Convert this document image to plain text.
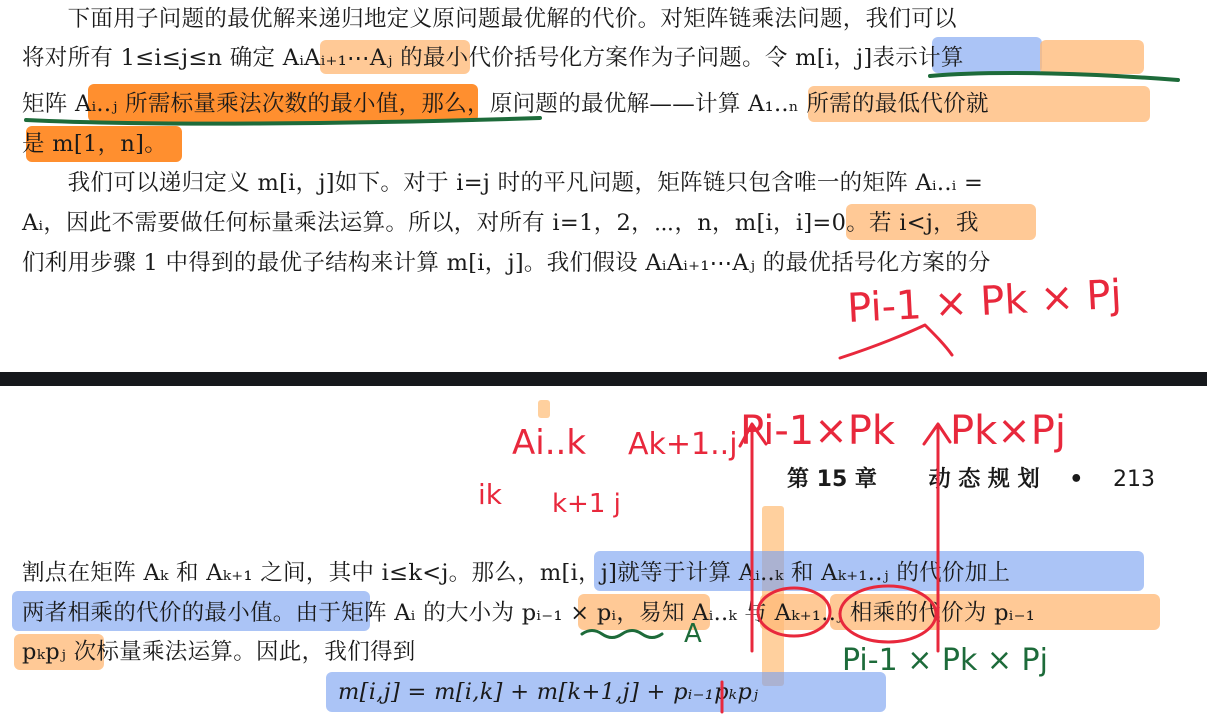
　　下面用子问题的最优解来递归地定义原问题最优解的代价。对矩阵链乘法问题，我们可以
将对所有 1≤i≤j≤n 确定 AᵢAᵢ₊₁⋯Aⱼ 的最小代价括号化方案作为子问题。令 m[i，j]表示计算
矩阵 Aᵢ..ⱼ 所需标量乘法次数的最小值，那么，原问题的最优解——计算 A₁..ₙ 所需的最低代价就
是 m[1，n]。
　　我们可以递归定义 m[i，j]如下。对于 i=j 时的平凡问题，矩阵链只包含唯一的矩阵 Aᵢ..ᵢ =
Aᵢ，因此不需要做任何标量乘法运算。所以，对所有 i=1，2，⋯，n，m[i，i]=0。若 i<j，我
们利用步骤 1 中得到的最优子结构来计算 m[i，j]。我们假设 AᵢAᵢ₊₁⋯Aⱼ 的最优括号化方案的分
Pi-1 × Pk × Pj
第 15 章 动 态 规 划 • 213
割点在矩阵 Aₖ 和 Aₖ₊₁ 之间，其中 i≤k<j。那么，m[i，j]就等于计算 Aᵢ..ₖ 和 Aₖ₊₁..ⱼ 的代价加上
两者相乘的代价的最小值。由于矩阵 Aᵢ 的大小为 pᵢ₋₁ × pᵢ，易知 Aᵢ..ₖ 与 Aₖ₊₁..ⱼ 相乘的代价为 pᵢ₋₁
pₖpⱼ 次标量乘法运算。因此，我们得到
m[i,j] = m[i,k] + m[k+1,j] + pᵢ₋₁pₖpⱼ
Ai..k Ak+1..j
ik k+1 j
Pi-1×Pk Pk×Pj
Pi-1 × Pk × Pj
A
